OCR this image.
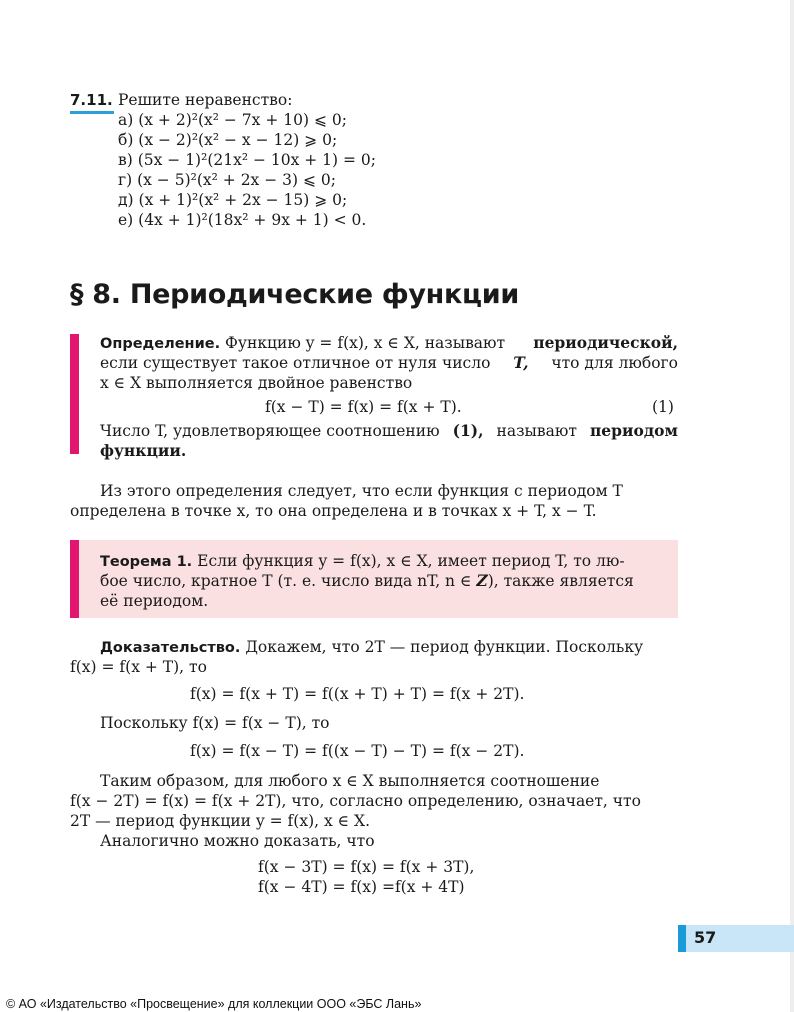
7.11. Решите неравенство:
а) (x + 2)²(x² − 7x + 10) ⩽ 0;
б) (x − 2)²(x² − x − 12) ⩾ 0;
в) (5x − 1)²(21x² − 10x + 1) = 0;
г) (x − 5)²(x² + 2x − 3) ⩽ 0;
д) (x + 1)²(x² + 2x − 15) ⩾ 0;
е) (4x + 1)²(18x² + 9x + 1) < 0.
§ 8. Периодические функции
Определение. Функцию y = f(x), x ∈ X, называют периодической,
если существует такое отличное от нуля число T, что для любого
x ∈ X выполняется двойное равенство
f(x − T) = f(x) = f(x + T).	(1)
Число T, удовлетворяющее соотношению (1), называют периодом
функции.
Из этого определения следует, что если функция с периодом T
определена в точке x, то она определена и в точках x + T, x − T.
Теорема 1. Если функция y = f(x), x ∈ X, имеет период T, то лю-
бое число, кратное T (т. е. число вида nT, n ∈ Z), также является
её периодом.
Доказательство. Докажем, что 2T — период функции. Поскольку
f(x) = f(x + T), то
f(x) = f(x + T) = f((x + T) + T) = f(x + 2T).
Поскольку f(x) = f(x − T), то
f(x) = f(x − T) = f((x − T) − T) = f(x − 2T).
Таким образом, для любого x ∈ X выполняется соотношение
f(x − 2T) = f(x) = f(x + 2T), что, согласно определению, означает, что
2T — период функции y = f(x), x ∈ X.
Аналогично можно доказать, что
f(x − 3T) = f(x) = f(x + 3T),
f(x − 4T) = f(x) =f(x + 4T)
57
© АО «Издательство «Просвещение» для коллекции ООО «ЭБС Лань»
